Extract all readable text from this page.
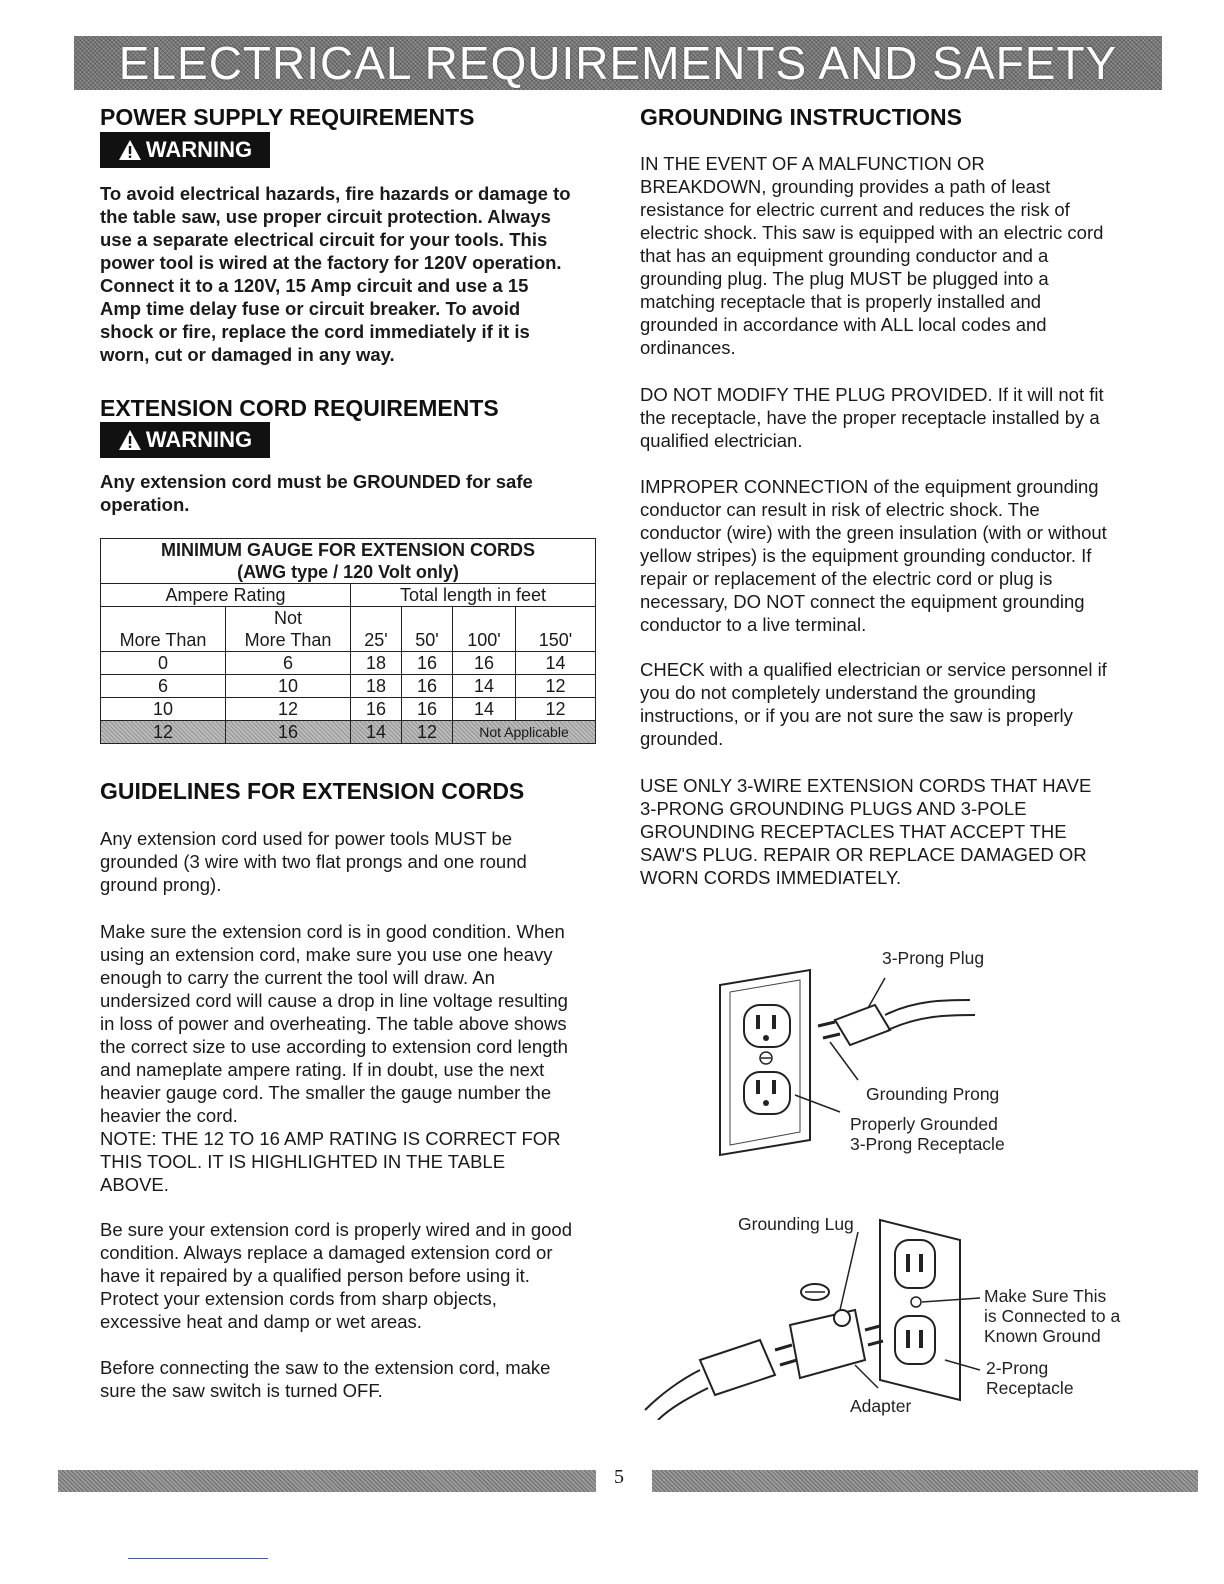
ELECTRICAL REQUIREMENTS AND SAFETY
POWER SUPPLY REQUIREMENTS
WARNING
To avoid electrical hazards, fire hazards or damage to
the table saw, use proper circuit protection. Always
use a separate electrical circuit for your tools. This
power tool is wired at the factory for 120V operation.
Connect it to a 120V, 15 Amp circuit and use a 15
Amp time delay fuse or circuit breaker. To avoid
shock or fire, replace the cord immediately if it is
worn, cut or damaged in any way.
EXTENSION CORD REQUIREMENTS
WARNING
Any extension cord must be GROUNDED for safe
operation.
MINIMUM GAUGE FOR EXTENSION CORDS					
(AWG type / 120 Volt only)					
Ampere Rating		Total length in feet			
	Not				
More Than	More Than	25'	50'	100'	150'
0	6	18	16	16	14
6	10	18	16	14	12
10	12	16	16	14	12
12	16	14	12	Not Applicable	
GUIDELINES FOR EXTENSION CORDS
Any extension cord used for power tools MUST be
grounded (3 wire with two flat prongs and one round
ground prong).
Make sure the extension cord is in good condition. When
using an extension cord, make sure you use one heavy
enough to carry the current the tool will draw. An
undersized cord will cause a drop in line voltage resulting
in loss of power and overheating. The table above shows
the correct size to use according to extension cord length
and nameplate ampere rating. If in doubt, use the next
heavier gauge cord. The smaller the gauge number the
heavier the cord.
NOTE: THE 12 TO 16 AMP RATING IS CORRECT FOR
THIS TOOL. IT IS HIGHLIGHTED IN THE TABLE
ABOVE.
Be sure your extension cord is properly wired and in good
condition. Always replace a damaged extension cord or
have it repaired by a qualified person before using it.
Protect your extension cords from sharp objects,
excessive heat and damp or wet areas.
Before connecting the saw to the extension cord, make
sure the saw switch is turned OFF.
GROUNDING INSTRUCTIONS
IN THE EVENT OF A MALFUNCTION OR
BREAKDOWN, grounding provides a path of least
resistance for electric current and reduces the risk of
electric shock. This saw is equipped with an electric cord
that has an equipment grounding conductor and a
grounding plug. The plug MUST be plugged into a
matching receptacle that is properly installed and
grounded in accordance with ALL local codes and
ordinances.
DO NOT MODIFY THE PLUG PROVIDED. If it will not fit
the receptacle, have the proper receptacle installed by a
qualified electrician.
IMPROPER CONNECTION of the equipment grounding
conductor can result in risk of electric shock. The
conductor (wire) with the green insulation (with or without
yellow stripes) is the equipment grounding conductor. If
repair or replacement of the electric cord or plug is
necessary, DO NOT connect the equipment grounding
conductor to a live terminal.
CHECK with a qualified electrician or service personnel if
you do not completely understand the grounding
instructions, or if you are not sure the saw is properly
grounded.
USE ONLY 3-WIRE EXTENSION CORDS THAT HAVE
3-PRONG GROUNDING PLUGS AND 3-POLE
GROUNDING RECEPTACLES THAT ACCEPT THE
SAW'S PLUG. REPAIR OR REPLACE DAMAGED OR
WORN CORDS IMMEDIATELY.
3-Prong Plug
Grounding Prong
Properly Grounded
3-Prong Receptacle
Grounding Lug
Make Sure This
is Connected to a
Known Ground
2-Prong
Receptacle
Adapter
5
